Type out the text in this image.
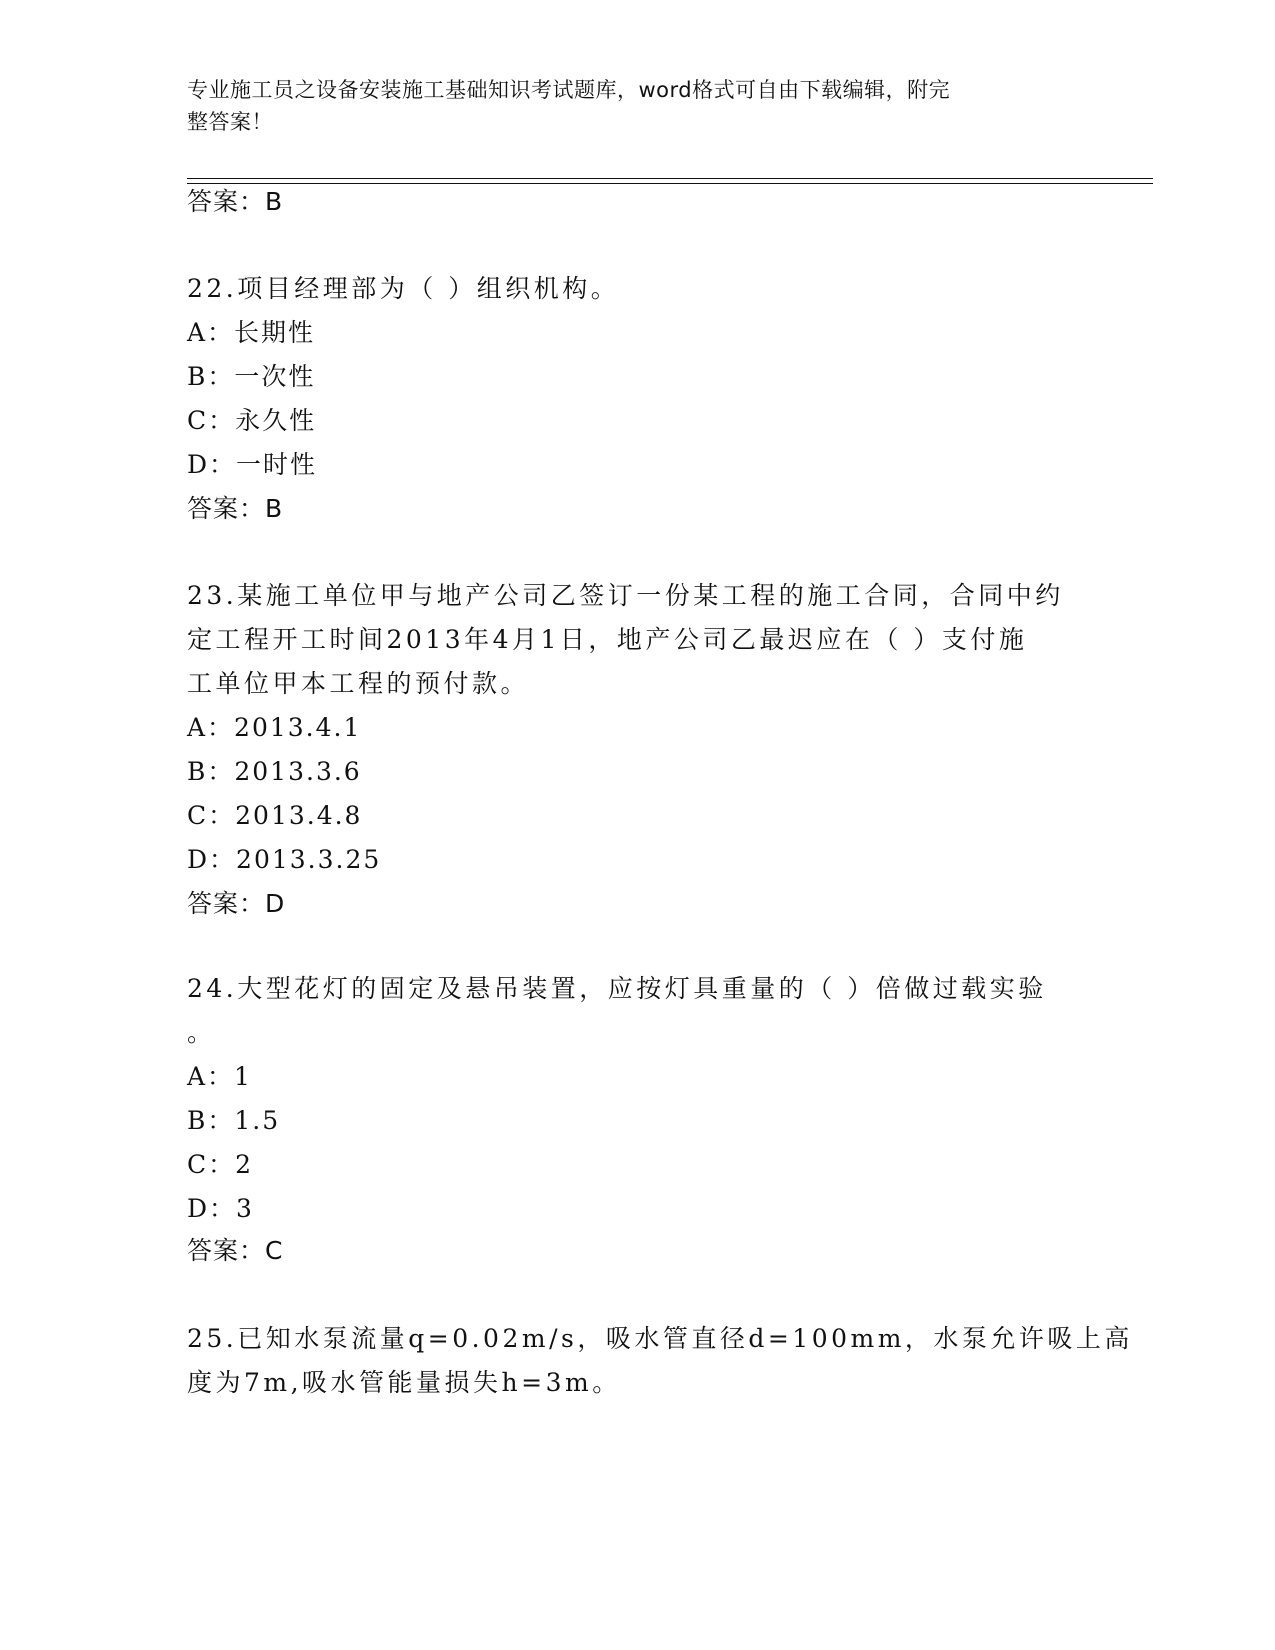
专业施工员之设备安装施工基础知识考试题库，word格式可自由下载编辑，附完
整答案！
答案：B
22.项目经理部为（ ）组织机构。
A：长期性
B：一次性
C：永久性
D：一时性
答案：B
23.某施工单位甲与地产公司乙签订一份某工程的施工合同，合同中约
定工程开工时间2013年4月1日，地产公司乙最迟应在（ ）支付施
工单位甲本工程的预付款。
A：2013.4.1
B：2013.3.6
C：2013.4.8
D：2013.3.25
答案：D
24.大型花灯的固定及悬吊装置，应按灯具重量的（ ）倍做过载实验
。
A：1
B：1.5
C：2
D：3
答案：C
25.已知水泵流量q=0.02m/s，吸水管直径d=100mm，水泵允许吸上高
度为7m,吸水管能量损失h=3m。
